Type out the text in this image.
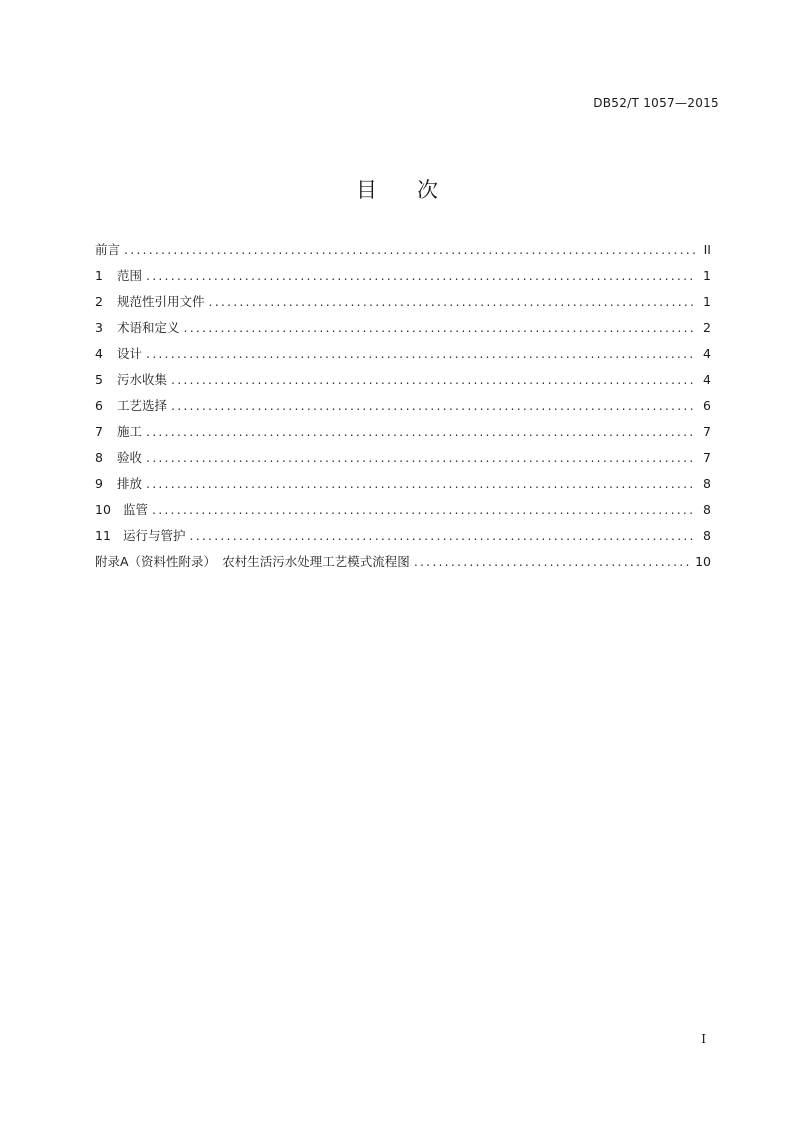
DB52/T 1057—2015
目 次
前言 .....	II
1	范围 .....	1
2	规范性引用文件 .....	1
3	术语和定义 .....	2
4	设计 .....	4
5	污水收集 .....	4
6	工艺选择 .....	6
7	施工 .....	7
8	验收 .....	7
9	排放 .....	8
10 监管 .....	8
11 运行与管护 .....	8
附录A（资料性附录）　农村生活污水处理工艺模式流程图 .....	10
I
